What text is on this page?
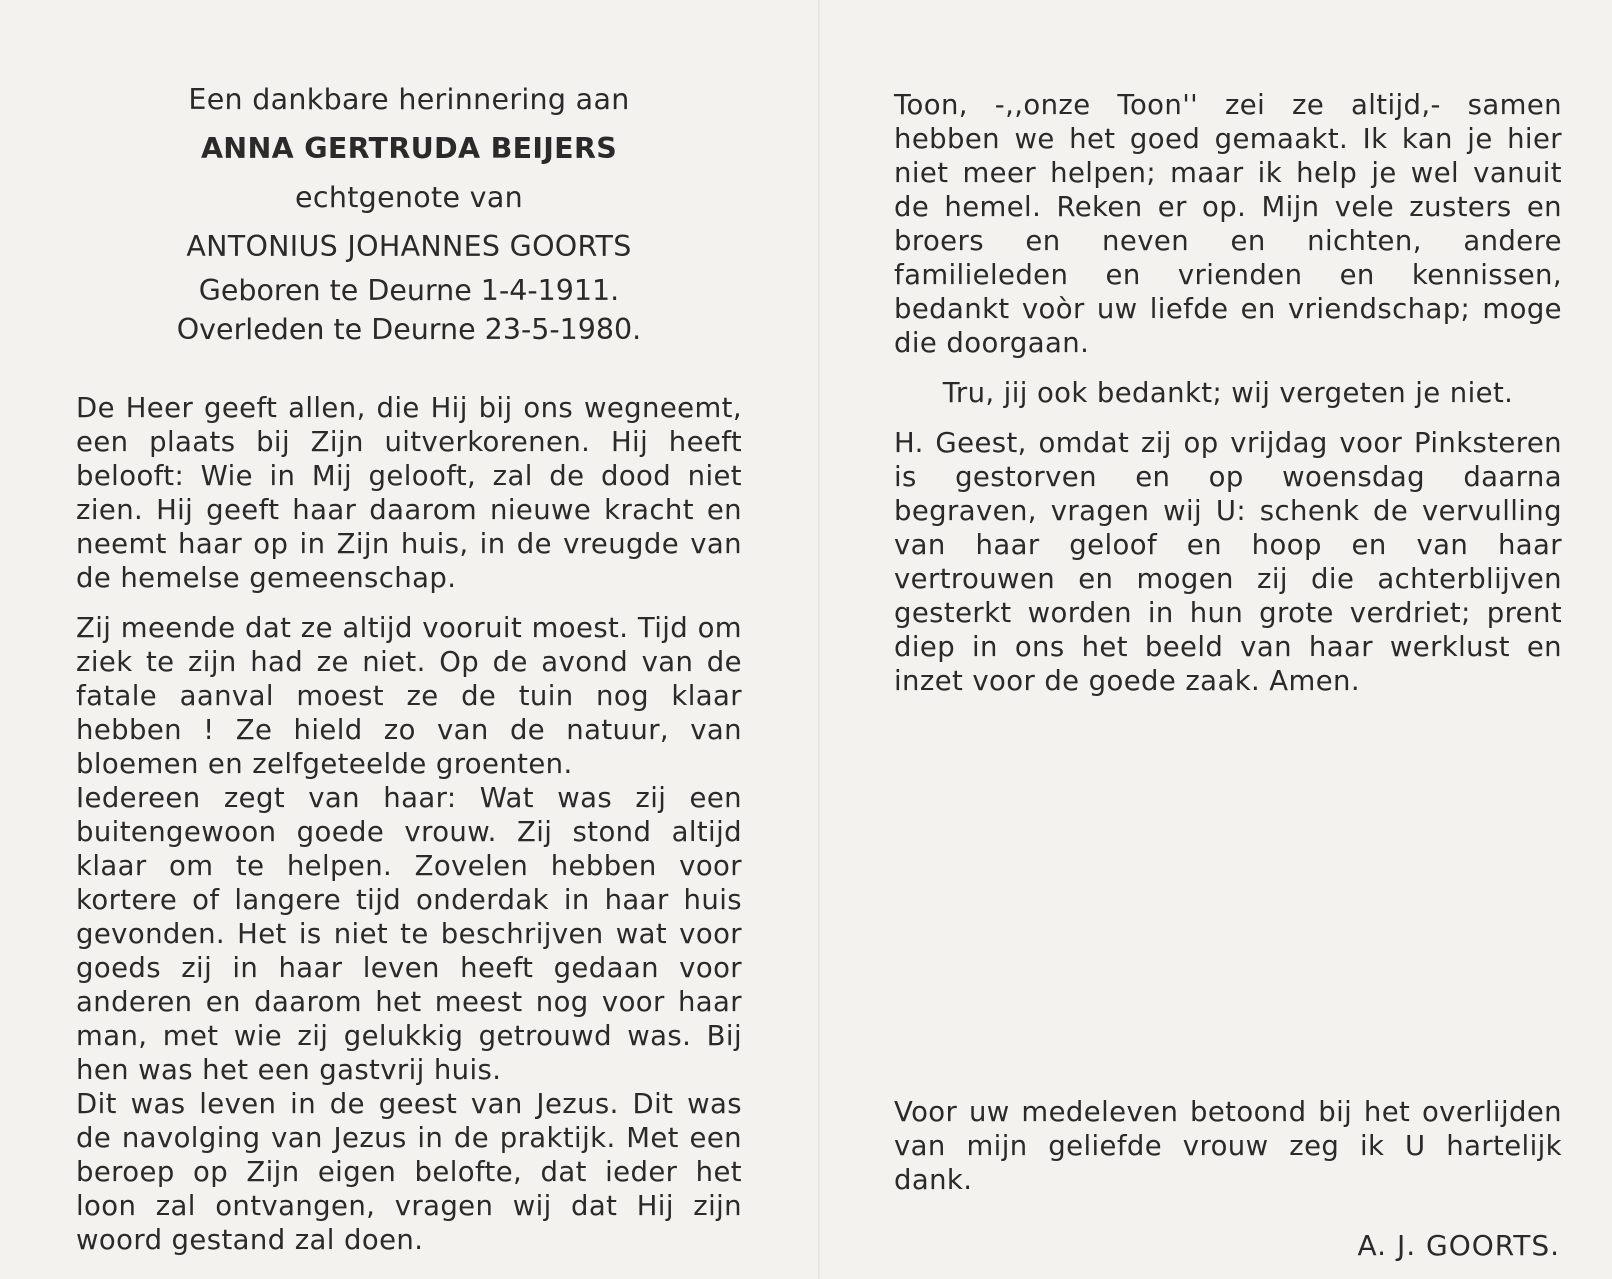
Een dankbare herinnering aan

ANNA GERTRUDA BEIJERS

echtgenote van

ANTONIUS JOHANNES GOORTS

Geboren te Deurne 1-4-1911.

Overleden te Deurne 23-5-1980.

De Heer geeft allen, die Hij bij ons wegneemt, een plaats bij Zijn uitverkorenen. Hij heeft belooft: Wie in Mij gelooft, zal de dood niet zien. Hij geeft haar daarom nieuwe kracht en neemt haar op in Zijn huis, in de vreugde van de hemelse gemeenschap.

Zij meende dat ze altijd vooruit moest. Tijd om ziek te zijn had ze niet. Op de avond van de fatale aanval moest ze de tuin nog klaar hebben ! Ze hield zo van de natuur, van bloemen en zelfgeteelde groenten.

Iedereen zegt van haar: Wat was zij een buitengewoon goede vrouw. Zij stond altijd klaar om te helpen. Zovelen hebben voor kortere of langere tijd onderdak in haar huis gevonden. Het is niet te beschrijven wat voor goeds zij in haar leven heeft gedaan voor anderen en daarom het meest nog voor haar man, met wie zij gelukkig getrouwd was. Bij hen was het een gastvrij huis.

Dit was leven in de geest van Jezus. Dit was de navolging van Jezus in de praktijk. Met een beroep op Zijn eigen belofte, dat ieder het loon zal ontvangen, vragen wij dat Hij zijn woord gestand zal doen.

Toon, -,,onze Toon'' zei ze altijd,- samen hebben we het goed gemaakt. Ik kan je hier niet meer helpen; maar ik help je wel vanuit de hemel. Reken er op. Mijn vele zusters en broers en neven en nichten, andere familieleden en vrienden en kennissen, bedankt voòr uw liefde en vriendschap; moge die doorgaan.

Tru, jij ook bedankt; wij vergeten je niet.

H. Geest, omdat zij op vrijdag voor Pinksteren is gestorven en op woensdag daarna begraven, vragen wij U: schenk de vervulling van haar geloof en hoop en van haar vertrouwen en mogen zij die achterblijven gesterkt worden in hun grote verdriet; prent diep in ons het beeld van haar werklust en inzet voor de goede zaak. Amen.

Voor uw medeleven betoond bij het overlijden van mijn geliefde vrouw zeg ik U hartelijk dank.

A. J. GOORTS.
